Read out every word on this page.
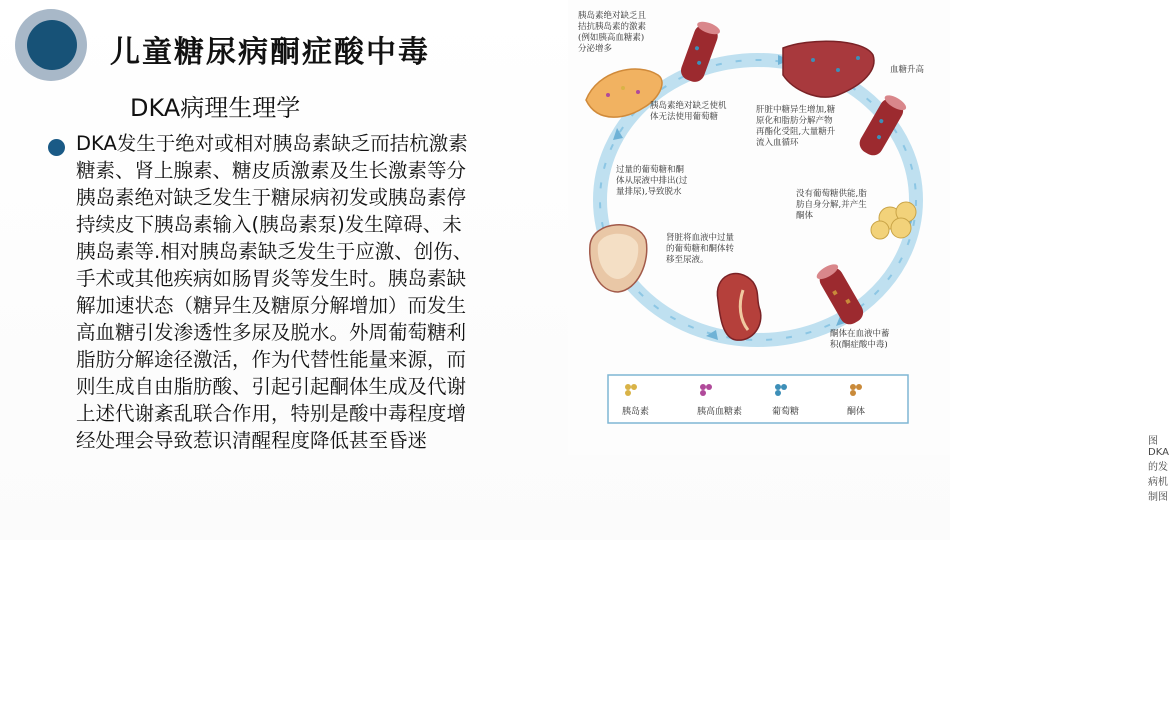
儿童糖尿病酮症酸中毒
DKA病理生理学
DKA发生于绝对或相对胰岛素缺乏而拮杭激素
糖素、肾上腺素、糖皮质激素及生长激素等分
胰岛素绝对缺乏发生于糖尿病初发或胰岛素停
持续皮下胰岛素输入(胰岛素泵)发生障碍、未
胰岛素等.相对胰岛素缺乏发生于应激、创伤、
手术或其他疾病如肠胃炎等发生时。胰岛素缺
解加速状态（糖异生及糖原分解增加）而发生
高血糖引发渗透性多尿及脱水。外周葡萄糖利
脂肪分解途径激活，作为代替性能量来源，而
则生成自由脂肪酸、引起引起酮体生成及代谢
上述代谢紊乱联合作用，特别是酸中毒程度增
经处理会导致惹识清醒程度降低甚至昏迷
胰岛素	胰高血糖素	葡萄糖	酮体
胰岛素绝对缺乏且
拮抗胰岛素的激素
(例如胰高血糖素)
分泌增多
胰岛素绝对缺乏使机
体无法使用葡萄糖
肝脏中糖异生增加,糖
原化和脂肪分解产物
再酯化受阻,大量糖升
流入血循环
血糖升高
没有葡萄糖供能,脂
肪自身分解,并产生
酮体
肾脏将血液中过量
的葡萄糖和酮体转
移至尿液。
过量的葡萄糖和酮
体从尿液中排出(过
量排尿),导致脱水
酮体在血液中蓄
积(酮症酸中毒)
图 DKA的发病机制图
